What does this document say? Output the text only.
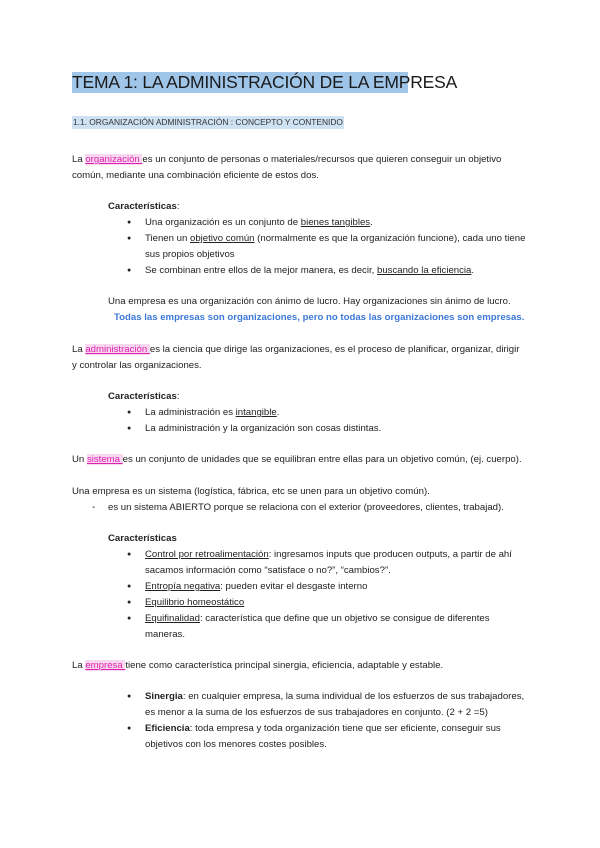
TEMA 1: LA ADMINISTRACIÓN DE LA EMPRESA
1.1. ORGANIZACIÓN ADMINISTRACIÓN : CONCEPTO Y CONTENIDO
La organización es un conjunto de personas o materiales/recursos que quieren conseguir un objetivo común, mediante una combinación eficiente de estos dos.
Características:
● Una organización es un conjunto de bienes tangibles.
● Tienen un objetivo común (normalmente es que la organización funcione), cada uno tiene sus propios objetivos
● Se combinan entre ellos de la mejor manera, es decir, buscando la eficiencia.
Una empresa es una organización con ánimo de lucro. Hay organizaciones sin ánimo de lucro.
Todas las empresas son organizaciones, pero no todas las organizaciones son empresas.
La administración es la ciencia que dirige las organizaciones, es el proceso de planificar, organizar, dirigir y controlar las organizaciones.
Características:
● La administración es intangible.
● La administración y la organización son cosas distintas.
Un sistema es un conjunto de unidades que se equilibran entre ellas para un objetivo común, (ej. cuerpo).
Una empresa es un sistema (logística, fábrica, etc se unen para un objetivo común).
- es un sistema ABIERTO porque se relaciona con el exterior (proveedores, clientes, trabajad).
Características
● Control por retroalimentación: ingresamos inputs que producen outputs, a partir de ahí sacamos información como “satisface o no?”, “cambios?”.
● Entropía negativa: pueden evitar el desgaste interno
● Equilibrio homeostático
● Equifinalidad: característica que define que un objetivo se consigue de diferentes maneras.
La empresa tiene como característica principal sinergia, eficiencia, adaptable y estable.
● Sinergia: en cualquier empresa, la suma individual de los esfuerzos de sus trabajadores, es menor a la suma de los esfuerzos de sus trabajadores en conjunto. (2 + 2 =5)
● Eficiencia: toda empresa y toda organización tiene que ser eficiente, conseguir sus objetivos con los menores costes posibles.
